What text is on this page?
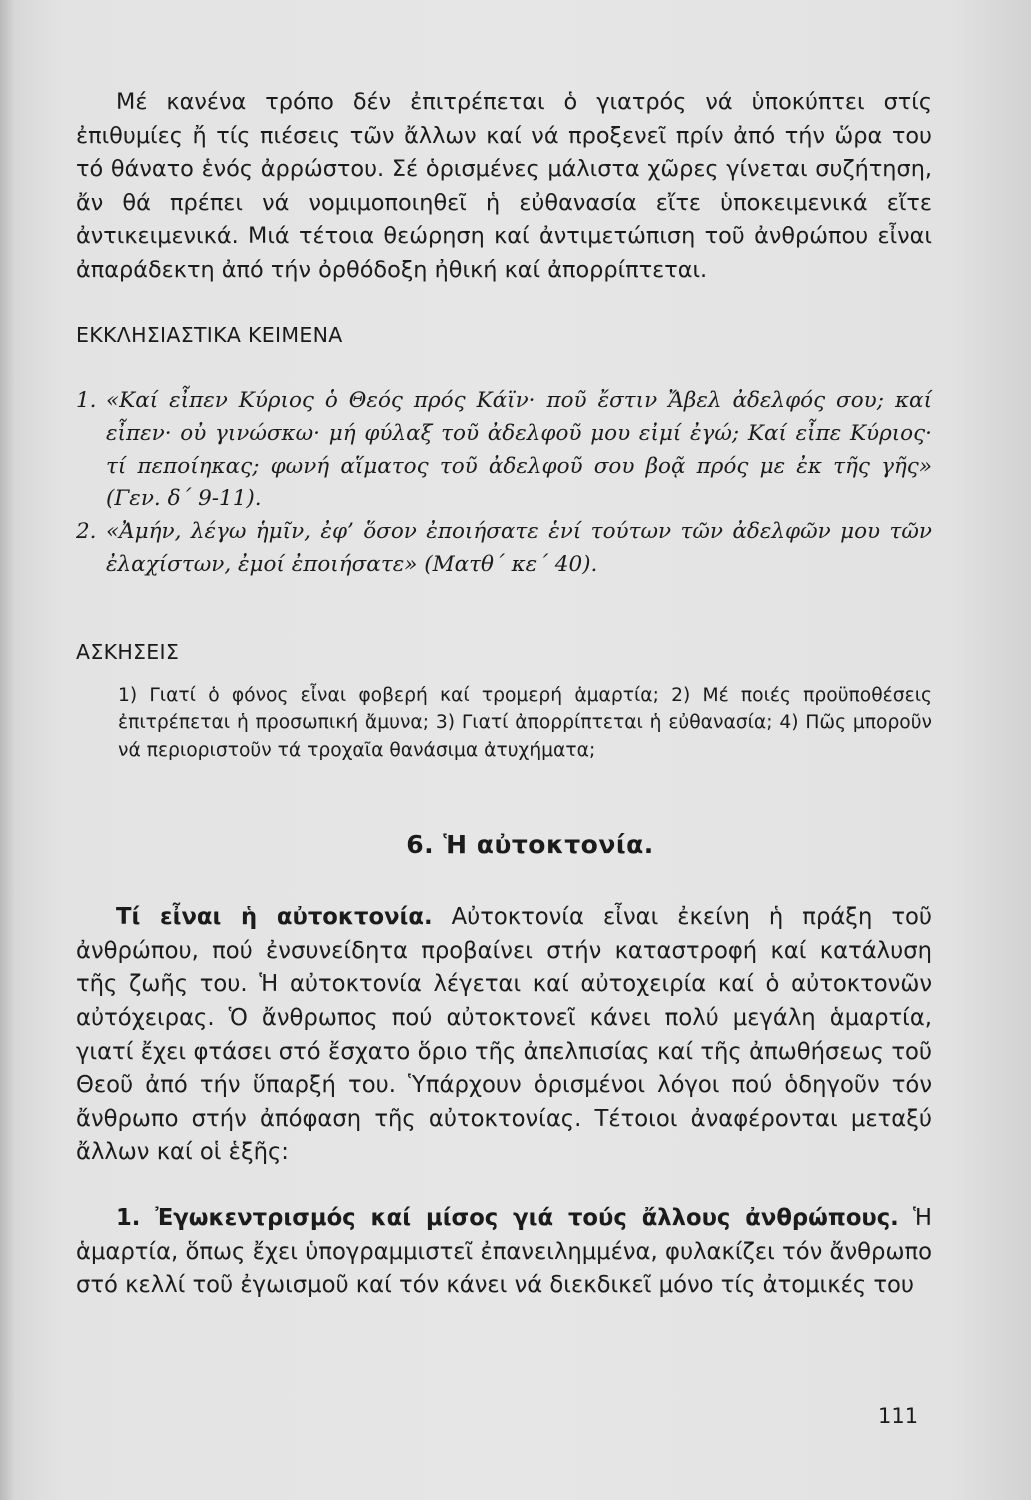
Μέ κανένα τρόπο δέν ἐπιτρέπεται ὁ γιατρός νά ὑποκύπτει στίς ἐπιθυμίες ἤ τίς πιέσεις τῶν ἄλλων καί νά προξενεῖ πρίν ἀπό τήν ὥρα του τό θάνατο ἑνός ἀρρώστου. Σέ ὁρισμένες μάλιστα χῶρες γίνεται συζήτηση, ἄν θά πρέπει νά νομιμοποιηθεῖ ἡ εὐθανασία εἴτε ὑποκειμενικά εἴτε ἀντικειμενικά. Μιά τέτοια θεώρηση καί ἀντιμετώπιση τοῦ ἀνθρώπου εἶναι ἀπαράδεκτη ἀπό τήν ὀρθόδοξη ἠθική καί ἀπορρίπτεται.

ΕΚΚΛΗΣΙΑΣΤΙΚΑ ΚΕΙΜΕΝΑ

1. «Καί εἶπεν Κύριος ὁ Θεός πρός Κάϊν· ποῦ ἔστιν Ἄβελ ἀδελφός σου; καί εἶπεν· οὐ γινώσκω· μή φύλαξ τοῦ ἀδελφοῦ μου εἰμί ἐγώ; Καί εἶπε Κύριος· τί πεποίηκας; φωνή αἵματος τοῦ ἀδελφοῦ σου βοᾷ πρός με ἐκ τῆς γῆς» (Γεν. δ΄ 9-11).
2. «Ἀμήν, λέγω ἡμῖν, ἐφ’ ὅσον ἐποιήσατε ἑνί τούτων τῶν ἀδελφῶν μου τῶν ἐλαχίστων, ἐμοί ἐποιήσατε» (Ματθ΄ κε΄ 40).

ΑΣΚΗΣΕΙΣ

1) Γιατί ὁ φόνος εἶναι φοβερή καί τρομερή ἁμαρτία; 2) Μέ ποιές προϋποθέσεις ἐπιτρέπεται ἡ προσωπική ἄμυνα; 3) Γιατί ἀπορρίπτεται ἡ εὐθανασία; 4) Πῶς μποροῦν νά περιοριστοῦν τά τροχαῖα θανάσιμα ἀτυχήματα;

6. Ἡ αὐτοκτονία.

Τί εἶναι ἡ αὐτοκτονία. Αὐτοκτονία εἶναι ἐκείνη ἡ πράξη τοῦ ἀνθρώπου, πού ἐνσυνείδητα προβαίνει στήν καταστροφή καί κατάλυση τῆς ζωῆς του. Ἡ αὐτοκτονία λέγεται καί αὐτοχειρία καί ὁ αὐτοκτονῶν αὐτόχειρας. Ὁ ἄνθρωπος πού αὐτοκτονεῖ κάνει πολύ μεγάλη ἁμαρτία, γιατί ἔχει φτάσει στό ἔσχατο ὅριο τῆς ἀπελπισίας καί τῆς ἀπωθήσεως τοῦ Θεοῦ ἀπό τήν ὕπαρξή του. Ὑπάρχουν ὁρισμένοι λόγοι πού ὁδηγοῦν τόν ἄνθρωπο στήν ἀπόφαση τῆς αὐτοκτονίας. Τέτοιοι ἀναφέρονται μεταξύ ἄλλων καί οἱ ἑξῆς:

1. Ἐγωκεντρισμός καί μίσος γιά τούς ἄλλους ἀνθρώπους. Ἡ ἁμαρτία, ὅπως ἔχει ὑπογραμμιστεῖ ἐπανειλημμένα, φυλακίζει τόν ἄνθρωπο στό κελλί τοῦ ἐγωισμοῦ καί τόν κάνει νά διεκδικεῖ μόνο τίς ἀτομικές του

111
